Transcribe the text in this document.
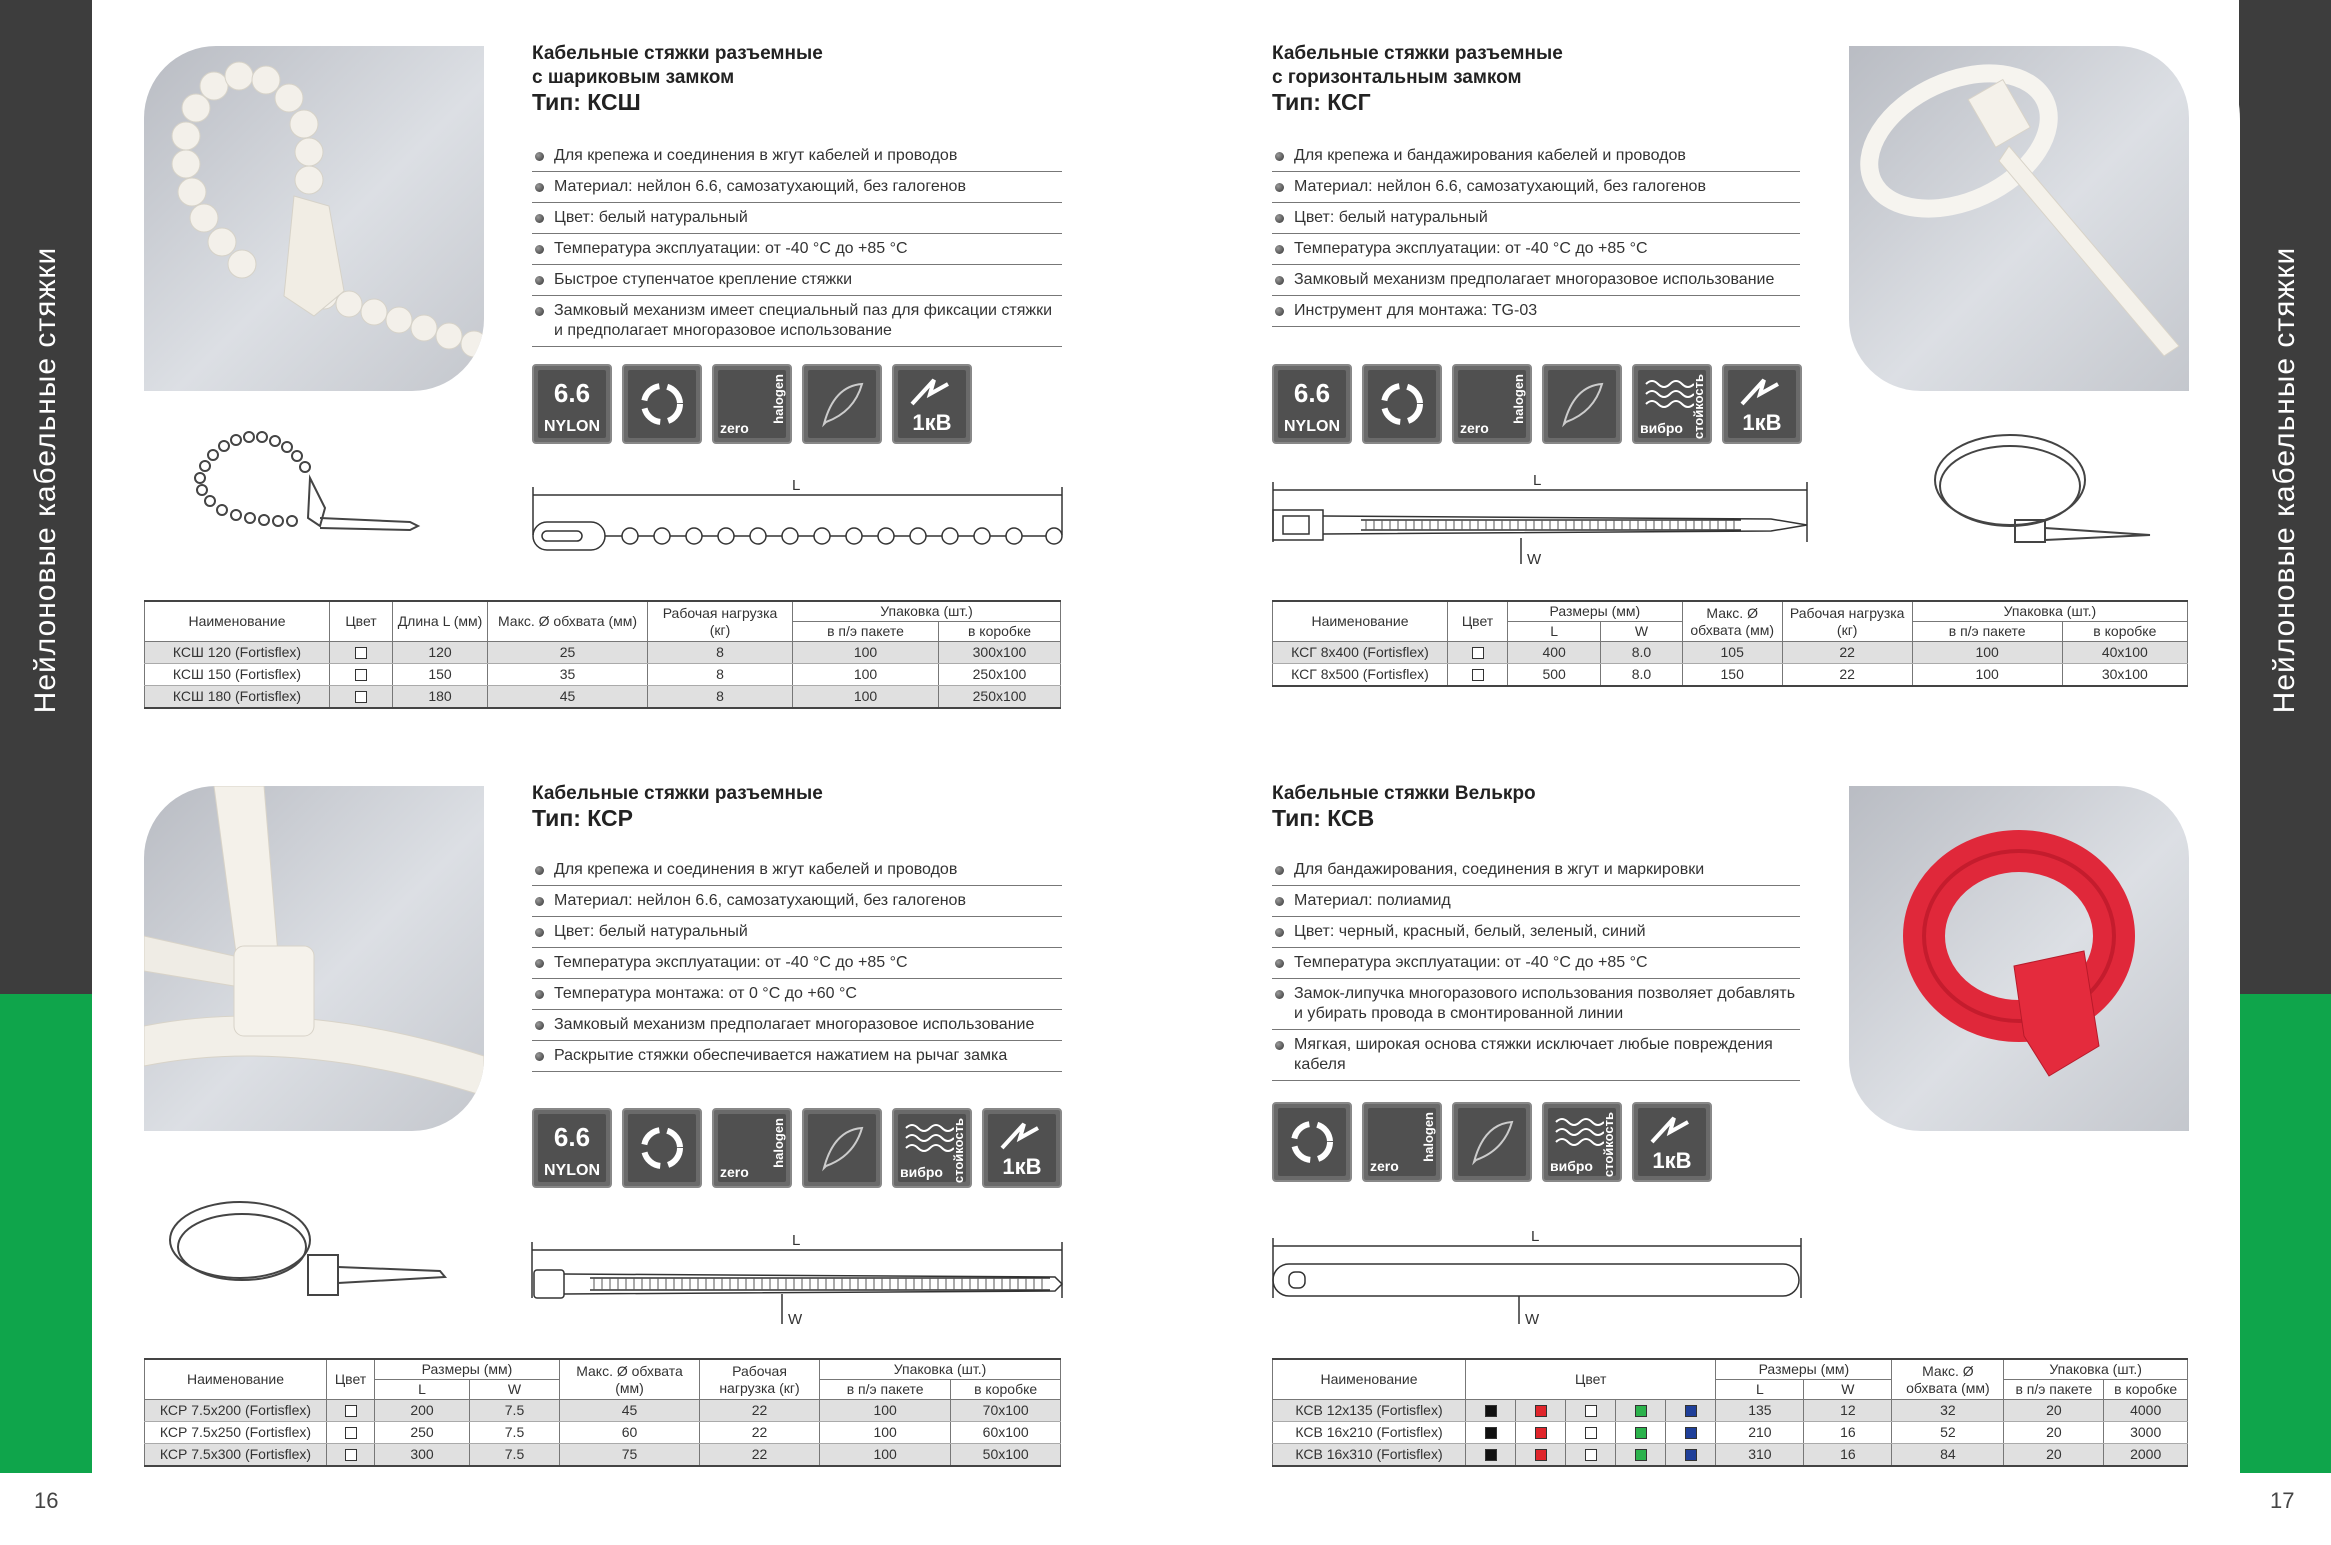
Нейлоновые кабельные стяжки	Нейлоновые кабельные стяжки
16	17
Кабельные стяжки разъемные
с шариковым замком
Тип: КСШ
Для крепежа и соединения в жгут кабелей и проводов
Материал: нейлон 6.6, самозатухающий, без галогенов
Цвет: белый натуральный
Температура эксплуатации: от -40 °С до +85 °С
Быстрое ступенчатое крепление стяжки
Замковый механизм имеет специальный паз для фиксации стяжки и предполагает многоразовое использование
6.6
NYLON
halogen
zero	1кВ
L
Наименование	Цвет	Длина L (мм)	Макс. Ø обхвата (мм)	Рабочая нагрузка (кг)	Упаковка (шт.)	
					в п/э пакете	в коробке
КСШ 120 (Fortisflex)		120	25	8	100	300x100
КСШ 150 (Fortisflex)		150	35	8	100	250x100
КСШ 180 (Fortisflex)		180	45	8	100	250x100
Кабельные стяжки разъемные
с горизонтальным замком
Тип: КСГ
Для крепежа и бандажирования кабелей и проводов
Материал: нейлон 6.6, самозатухающий, без галогенов
Цвет: белый натуральный
Температура эксплуатации: от -40 °С до +85 °С
Замковый механизм предполагает многоразовое использование
Инструмент для монтажа: TG-03
6.6
NYLON
halogen
zero	стойкость
вибро	1кВ
L
W
Наименование	Цвет	Размеры (мм)		Макс. Ø обхвата (мм)	Рабочая нагрузка (кг)	Упаковка (шт.)	
		L	W			в п/э пакете	в коробке
КСГ 8x400 (Fortisflex)		400	8.0	105	22	100	40x100
КСГ 8x500 (Fortisflex)		500	8.0	150	22	100	30x100
Кабельные стяжки разъемные
Тип: КСР
Для крепежа и соединения в жгут кабелей и проводов
Материал: нейлон 6.6, самозатухающий, без галогенов
Цвет: белый натуральный
Температура эксплуатации: от -40 °С до +85 °С
Температура монтажа: от 0 °С до +60 °С
Замковый механизм предполагает многоразовое использование
Раскрытие стяжки обеспечивается нажатием на рычаг замка
6.6
NYLON
halogen
zero	стойкость
вибро	1кВ
L
W
Наименование	Цвет	Размеры (мм)		Макс. Ø обхвата (мм)	Рабочая нагрузка (кг)	Упаковка (шт.)	
		L	W			в п/э пакете	в коробке
КСР 7.5x200 (Fortisflex)		200	7.5	45	22	100	70x100
КСР 7.5x250 (Fortisflex)		250	7.5	60	22	100	60x100
КСР 7.5x300 (Fortisflex)		300	7.5	75	22	100	50x100
Кабельные стяжки Велькро
Тип: КСВ
Для бандажирования, соединения в жгут и маркировки
Материал: полиамид
Цвет: черный, красный, белый, зеленый, синий
Температура эксплуатации: от -40 °С до +85 °С
Замок-липучка многоразового использования позволяет добавлять и убирать провода в смонтированной линии
Мягкая, широкая основа стяжки исключает любые повреждения кабеля
halogen
zero	стойкость
вибро	1кВ
L
W
Наименование	Цвет					Размеры (мм)		Макс. Ø обхвата (мм)	Упаковка (шт.)	
						L	W		в п/э пакете	в коробке
КСВ 12x135 (Fortisflex)						135	12	32	20	4000
КСВ 16x210 (Fortisflex)						210	16	52	20	3000
КСВ 16x310 (Fortisflex)						310	16	84	20	2000
